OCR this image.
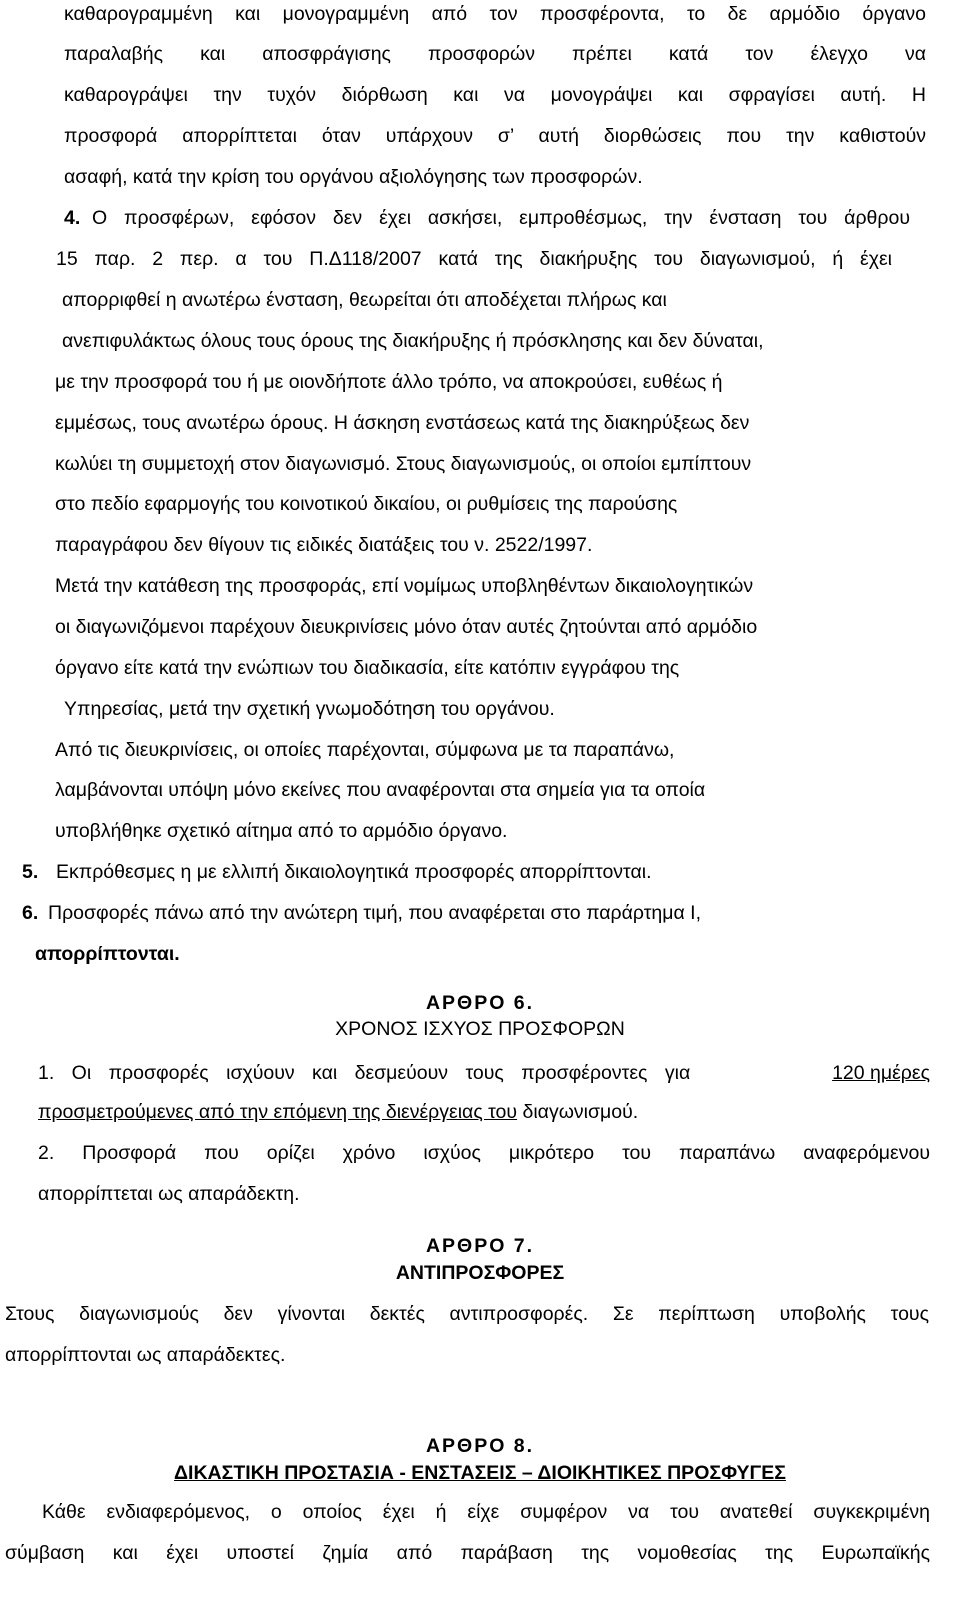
καθαρογραμμένη και μονογραμμένη από τον προσφέροντα, το δε αρμόδιο όργανο
παραλαβής και αποσφράγισης προσφορών πρέπει κατά τον έλεγχο να
καθαρογράψει την τυχόν διόρθωση και να μονογράψει και σφραγίσει αυτή. Η
προσφορά απορρίπτεται όταν υπάρχουν σ’ αυτή διορθώσεις που την καθιστούν
ασαφή, κατά την κρίση του οργάνου αξιολόγησης των προσφορών.
4. Ο προσφέρων, εφόσον δεν έχει ασκήσει, εμπροθέσμως, την ένσταση του άρθρου
15 παρ. 2 περ. α του Π.Δ118/2007 κατά της διακήρυξης του διαγωνισμού, ή έχει
απορριφθεί η ανωτέρω ένσταση, θεωρείται ότι αποδέχεται πλήρως και
ανεπιφυλάκτως όλους τους όρους της διακήρυξης ή πρόσκλησης και δεν δύναται,
με την προσφορά του ή με οιονδήποτε άλλο τρόπο, να αποκρούσει, ευθέως ή
εμμέσως, τους ανωτέρω όρους. Η άσκηση ενστάσεως κατά της διακηρύξεως δεν
κωλύει τη συμμετοχή στον διαγωνισμό. Στους διαγωνισμούς, οι οποίοι εμπίπτουν
στο πεδίο εφαρμογής του κοινοτικού δικαίου, οι ρυθμίσεις της παρούσης
παραγράφου δεν θίγουν τις ειδικές διατάξεις του ν. 2522/1997.
Μετά την κατάθεση της προσφοράς, επί νομίμως υποβληθέντων δικαιολογητικών
οι διαγωνιζόμενοι παρέχουν διευκρινίσεις μόνο όταν αυτές ζητούνται από αρμόδιο
όργανο είτε κατά την ενώπιων του διαδικασία, είτε κατόπιν εγγράφου της
Υπηρεσίας, μετά την σχετική γνωμοδότηση του οργάνου.
Από τις διευκρινίσεις, οι οποίες παρέχονται, σύμφωνα με τα παραπάνω,
λαμβάνονται υπόψη μόνο εκείνες που αναφέρονται στα σημεία για τα οποία
υποβλήθηκε σχετικό αίτημα από το αρμόδιο όργανο.
5. Εκπρόθεσμες η με ελλιπή δικαιολογητικά προσφορές απορρίπτονται.
6. Προσφορές πάνω από την ανώτερη τιμή, που αναφέρεται στο παράρτημα Ι,
απορρίπτονται.
ΑΡΘΡΟ 6.
ΧΡΟΝΟΣ ΙΣΧΥΟΣ ΠΡΟΣΦΟΡΩΝ
1. Οι προσφορές ισχύουν και δεσμεύουν τους προσφέροντες για	120 ημέρες
προσμετρούμενες από την επόμενη της διενέργειας του διαγωνισμού.
2. Προσφορά που ορίζει χρόνο ισχύος μικρότερο του παραπάνω αναφερόμενου
απορρίπτεται ως απαράδεκτη.
ΑΡΘΡΟ 7.
ΑΝΤΙΠΡΟΣΦΟΡΕΣ
Στους διαγωνισμούς δεν γίνονται δεκτές αντιπροσφορές. Σε περίπτωση υποβολής τους
απορρίπτονται ως απαράδεκτες.
ΑΡΘΡΟ 8.
ΔΙΚΑΣΤΙΚΗ ΠΡΟΣΤΑΣΙΑ - ΕΝΣΤΑΣΕΙΣ – ΔΙΟΙΚΗΤΙΚΕΣ ΠΡΟΣΦΥΓΕΣ
Κάθε ενδιαφερόμενος, ο οποίος έχει ή είχε συμφέρον να του ανατεθεί συγκεκριμένη
σύμβαση και έχει υποστεί ζημία από παράβαση της νομοθεσίας της Ευρωπαϊκής
